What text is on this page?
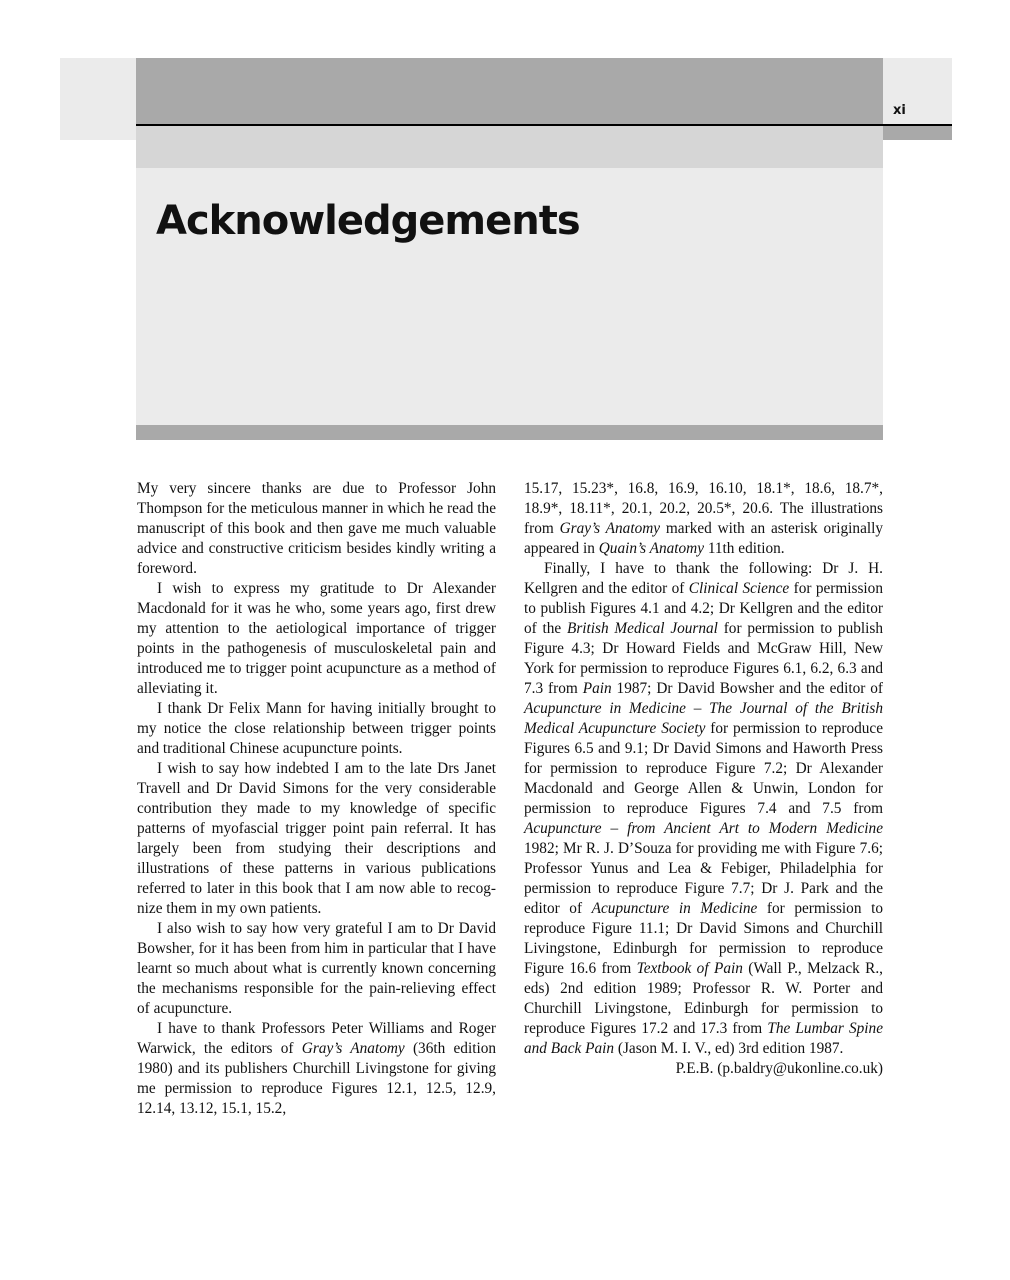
xi
Acknowledgements

My very sincere thanks are due to Professor John Thompson for the meticulous manner in which he read the manuscript of this book and then gave me much valuable advice and constructive criticism besides kindly writing a foreword.

I wish to express my gratitude to Dr Alexander Macdonald for it was he who, some years ago, first drew my attention to the aetiological importance of trigger points in the pathogenesis of musculoskeletal pain and introduced me to trigger point acupuncture as a method of alleviating it.

I thank Dr Felix Mann for having initially brought to my notice the close relationship between trigger points and traditional Chinese acupuncture points.

I wish to say how indebted I am to the late Drs Janet Travell and Dr David Simons for the very considerable contribution they made to my knowledge of specific patterns of myofascial trigger point pain referral. It has largely been from studying their descriptions and illustrations of these patterns in various publications referred to later in this book that I am now able to recognize them in my own patients.

I also wish to say how very grateful I am to Dr David Bowsher, for it has been from him in particular that I have learnt so much about what is currently known concerning the mechanisms responsible for the pain-relieving effect of acupuncture.

I have to thank Professors Peter Williams and Roger Warwick, the editors of Gray’s Anatomy (36th edition 1980) and its publishers Churchill Livingstone for giving me permission to reproduce Figures 12.1, 12.5, 12.9, 12.14, 13.12, 15.1, 15.2,

15.17, 15.23*, 16.8, 16.9, 16.10, 18.1*, 18.6, 18.7*, 18.9*, 18.11*, 20.1, 20.2, 20.5*, 20.6. The illustrations from Gray’s Anatomy marked with an asterisk originally appeared in Quain’s Anatomy 11th edition.

Finally, I have to thank the following: Dr J. H. Kellgren and the editor of Clinical Science for permission to publish Figures 4.1 and 4.2; Dr Kellgren and the editor of the British Medical Journal for permission to publish Figure 4.3; Dr Howard Fields and McGraw Hill, New York for permission to reproduce Figures 6.1, 6.2, 6.3 and 7.3 from Pain 1987; Dr David Bowsher and the editor of Acupuncture in Medicine – The Journal of the British Medical Acupuncture Society for permission to reproduce Figures 6.5 and 9.1; Dr David Simons and Haworth Press for permission to reproduce Figure 7.2; Dr Alexander Macdonald and George Allen & Unwin, London for permission to reproduce Figures 7.4 and 7.5 from Acupuncture – from Ancient Art to Modern Medicine 1982; Mr R. J. D’Souza for providing me with Figure 7.6; Professor Yunus and Lea & Febiger, Philadelphia for permission to reproduce Figure 7.7; Dr J. Park and the editor of Acupuncture in Medicine for permission to reproduce Figure 11.1; Dr David Simons and Churchill Livingstone, Edinburgh for permission to reproduce Figure 16.6 from Textbook of Pain (Wall P., Melzack R., eds) 2nd edition 1989; Professor R. W. Porter and Churchill Livingstone, Edinburgh for permission to reproduce Figures 17.2 and 17.3 from The Lumbar Spine and Back Pain (Jason M. I. V., ed) 3rd edition 1987.

P.E.B. (p.baldry@ukonline.co.uk)
